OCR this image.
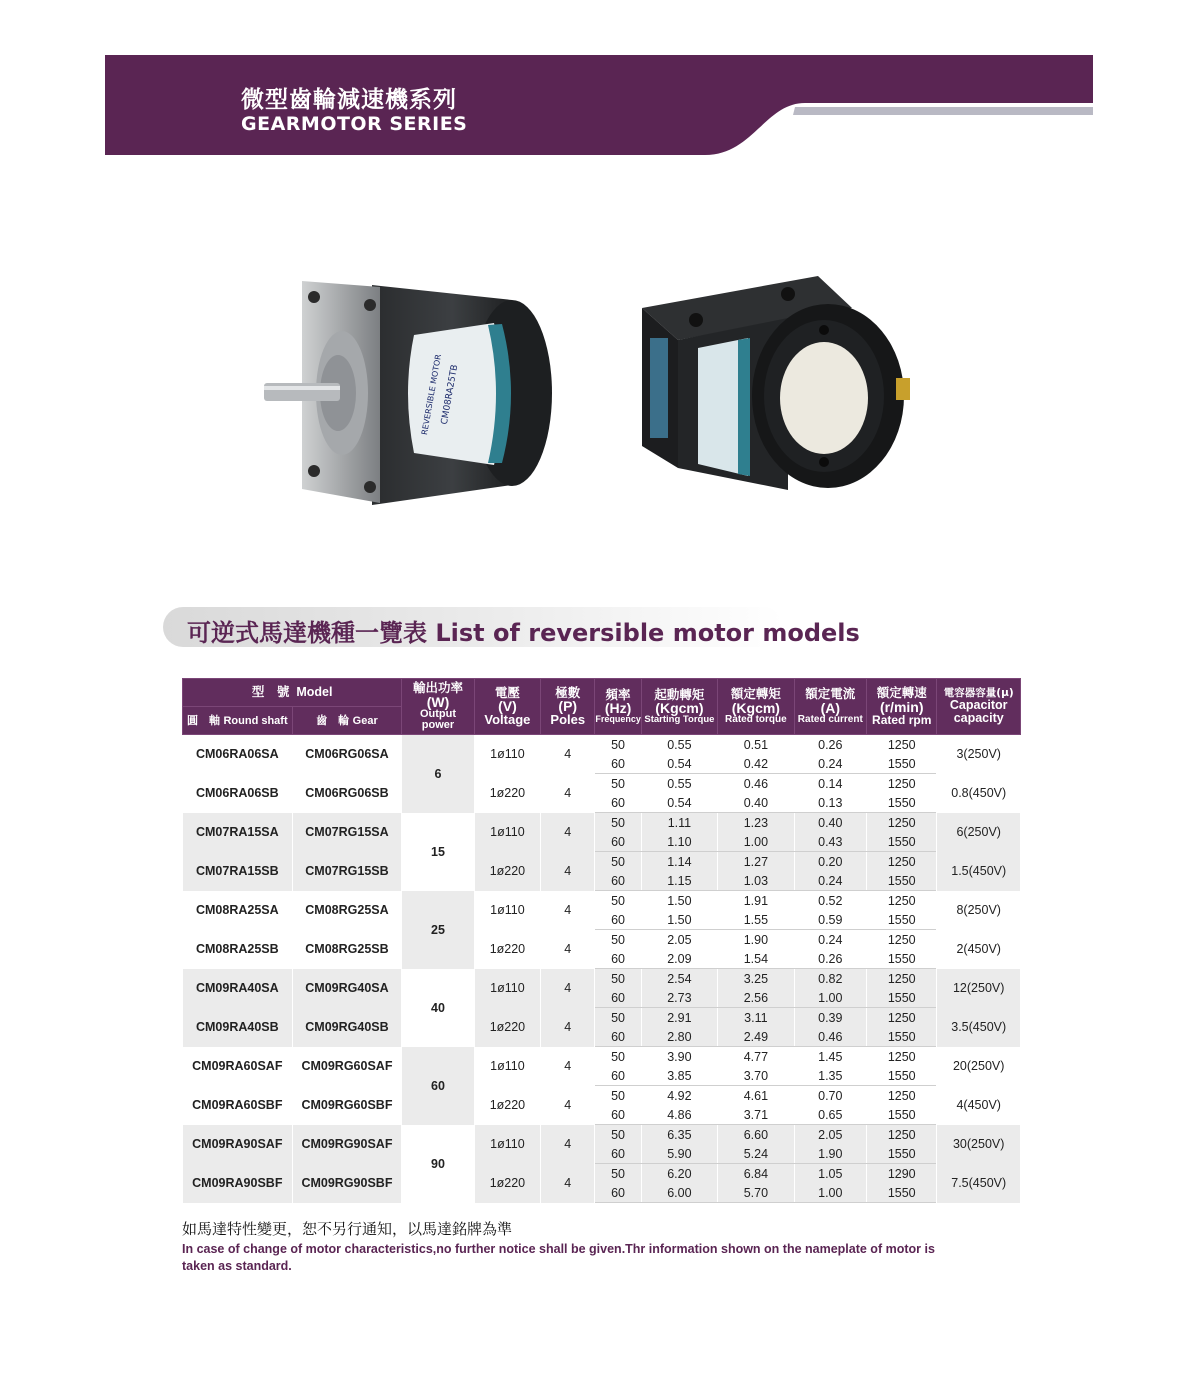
微型齒輪減速機系列
GEARMOTOR SERIES
CM08RA25TB
REVERSIBLE MOTOR
可逆式馬達機種一覽表 List of reversible motor models
型　號 Model		輸出功率
(W)
Output power	電壓
(V)
Voltage	極數
(P)
Poles	頻率
(Hz)
Frequency	起動轉矩
(Kgcm)
Starting Torque	額定轉矩
(Kgcm)
Rated torque	額定電流
(A)
Rated current	額定轉速
(r/min)
Rated rpm	電容器容量(μ)
Capacitor capacity

圓　軸 Round shaft	齒　輪 Gear									
CM06RA06SA	CM06RG06SA	6	1ø110	4	50	0.55	0.51	0.26	1250	3(250V)
					60	0.54	0.42	0.24	1550	
CM06RA06SB	CM06RG06SB		1ø220	4	50	0.55	0.46	0.14	1250	0.8(450V)
					60	0.54	0.40	0.13	1550	
CM07RA15SA	CM07RG15SA	15	1ø110	4	50	1.11	1.23	0.40	1250	6(250V)
					60	1.10	1.00	0.43	1550	
CM07RA15SB	CM07RG15SB		1ø220	4	50	1.14	1.27	0.20	1250	1.5(450V)
					60	1.15	1.03	0.24	1550	
CM08RA25SA	CM08RG25SA	25	1ø110	4	50	1.50	1.91	0.52	1250	8(250V)
					60	1.50	1.55	0.59	1550	
CM08RA25SB	CM08RG25SB		1ø220	4	50	2.05	1.90	0.24	1250	2(450V)
					60	2.09	1.54	0.26	1550	
CM09RA40SA	CM09RG40SA	40	1ø110	4	50	2.54	3.25	0.82	1250	12(250V)
					60	2.73	2.56	1.00	1550	
CM09RA40SB	CM09RG40SB		1ø220	4	50	2.91	3.11	0.39	1250	3.5(450V)
					60	2.80	2.49	0.46	1550	
CM09RA60SAF	CM09RG60SAF	60	1ø110	4	50	3.90	4.77	1.45	1250	20(250V)
					60	3.85	3.70	1.35	1550	
CM09RA60SBF	CM09RG60SBF		1ø220	4	50	4.92	4.61	0.70	1250	4(450V)
					60	4.86	3.71	0.65	1550	
CM09RA90SAF	CM09RG90SAF	90	1ø110	4	50	6.35	6.60	2.05	1250	30(250V)
					60	5.90	5.24	1.90	1550	
CM09RA90SBF	CM09RG90SBF		1ø220	4	50	6.20	6.84	1.05	1290	7.5(450V)
					60	6.00	5.70	1.00	1550	
如馬達特性變更，恕不另行通知，以馬達銘牌為準
In case of change of motor characteristics,no further notice shall be given.Thr information shown on the nameplate of motor is taken as standard.
